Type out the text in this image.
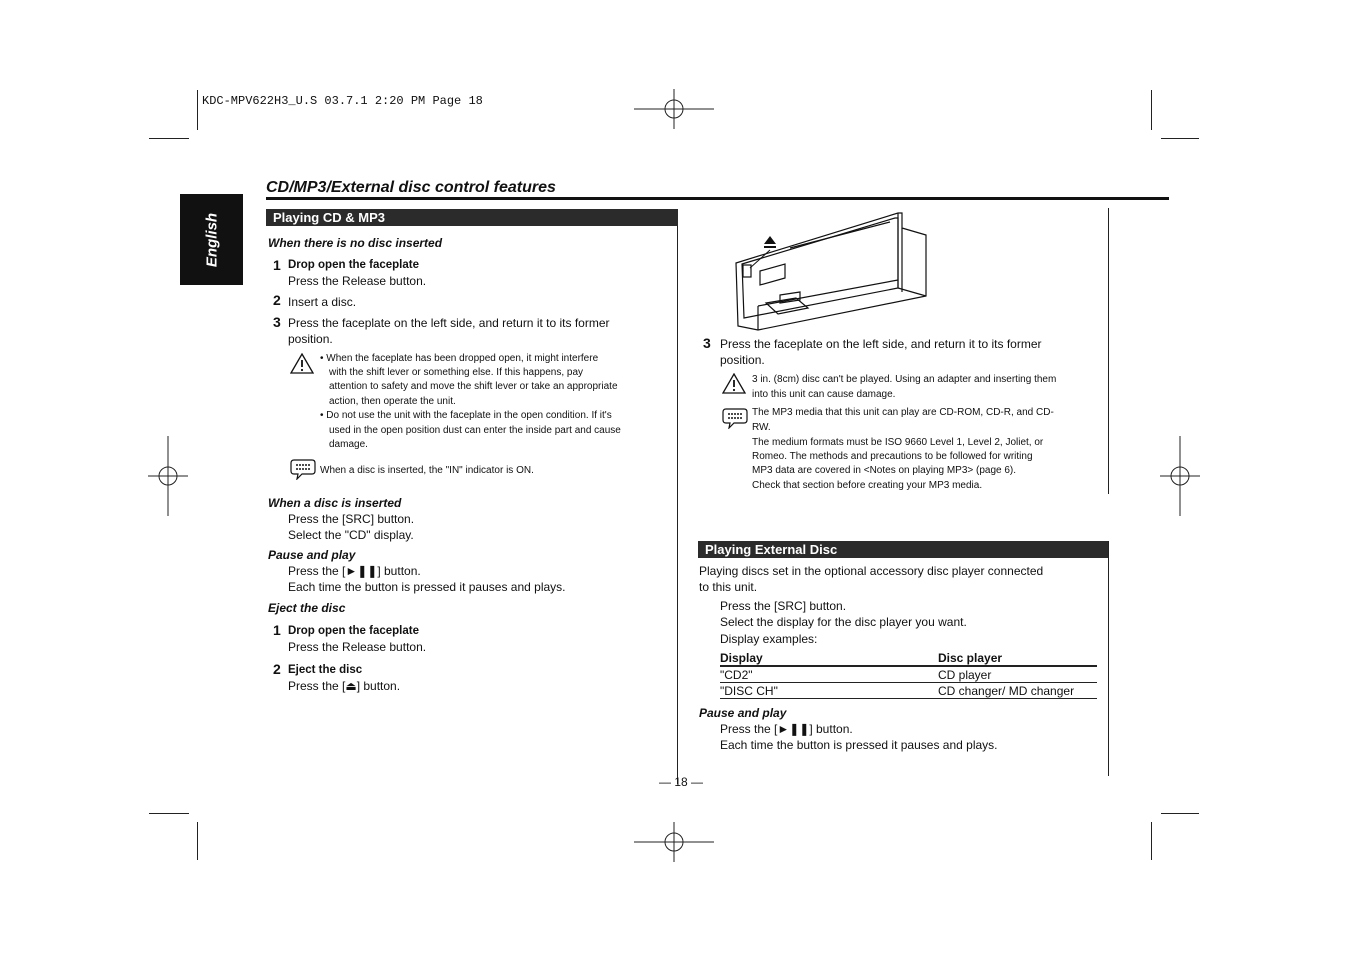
KDC-MPV622H3_U.S 03.7.1 2:20 PM Page 18
English
CD/MP3/External disc control features
Playing CD & MP3
When there is no disc inserted
1 Drop open the faceplate
Press the Release button.
2 Insert a disc.
3 Press the faceplate on the left side, and return it to its former
position.
• When the faceplate has been dropped open, it might interfere
with the shift lever or something else. If this happens, pay
attention to safety and move the shift lever or take an appropriate
action, then operate the unit.
• Do not use the unit with the faceplate in the open condition. If it's
used in the open position dust can enter the inside part and cause
damage.
When a disc is inserted, the "IN" indicator is ON.
When a disc is inserted
Press the [SRC] button.
Select the "CD" display.
Pause and play
Press the [►❚❚] button.
Each time the button is pressed it pauses and plays.
Eject the disc
1 Drop open the faceplate
Press the Release button.
2 Eject the disc
Press the [⏏] button.
3 Press the faceplate on the left side, and return it to its former
position.
3 in. (8cm) disc can't be played. Using an adapter and inserting them
into this unit can cause damage.
The MP3 media that this unit can play are CD-ROM, CD-R, and CD-
RW.
The medium formats must be ISO 9660 Level 1, Level 2, Joliet, or
Romeo. The methods and precautions to be followed for writing
MP3 data are covered in <Notes on playing MP3> (page 6).
Check that section before creating your MP3 media.
Playing External Disc
Playing discs set in the optional accessory disc player connected
to this unit.
Press the [SRC] button.
Select the display for the disc player you want.
Display examples:
Display	Disc player
"CD2"	CD player
"DISC CH"	CD changer/ MD changer
Pause and play
Press the [►❚❚] button.
Each time the button is pressed it pauses and plays.
— 18 —
